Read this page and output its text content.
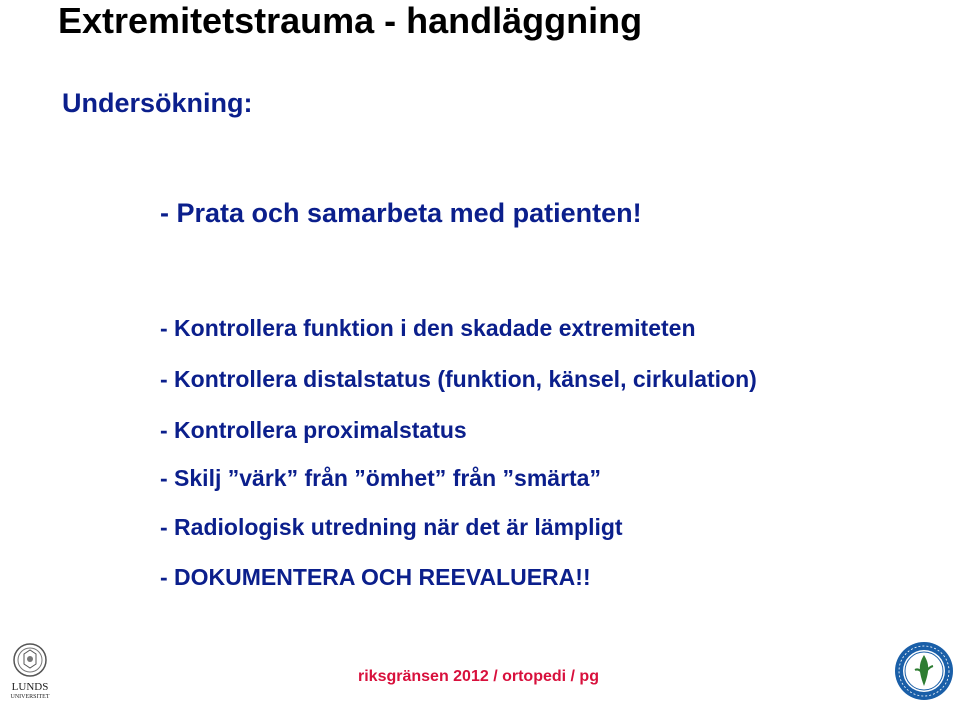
Extremitetstrauma - handläggning
Undersökning:
- Prata och samarbeta med patienten!
- Kontrollera funktion i den skadade extremiteten
- Kontrollera distalstatus (funktion, känsel, cirkulation)
- Kontrollera proximalstatus
- Skilj ”värk” från ”ömhet” från ”smärta”
- Radiologisk utredning när det är lämpligt
- DOKUMENTERA OCH REEVALUERA!!
LUNDS
UNIVERSITET
riksgränsen 2012 / ortopedi / pg
